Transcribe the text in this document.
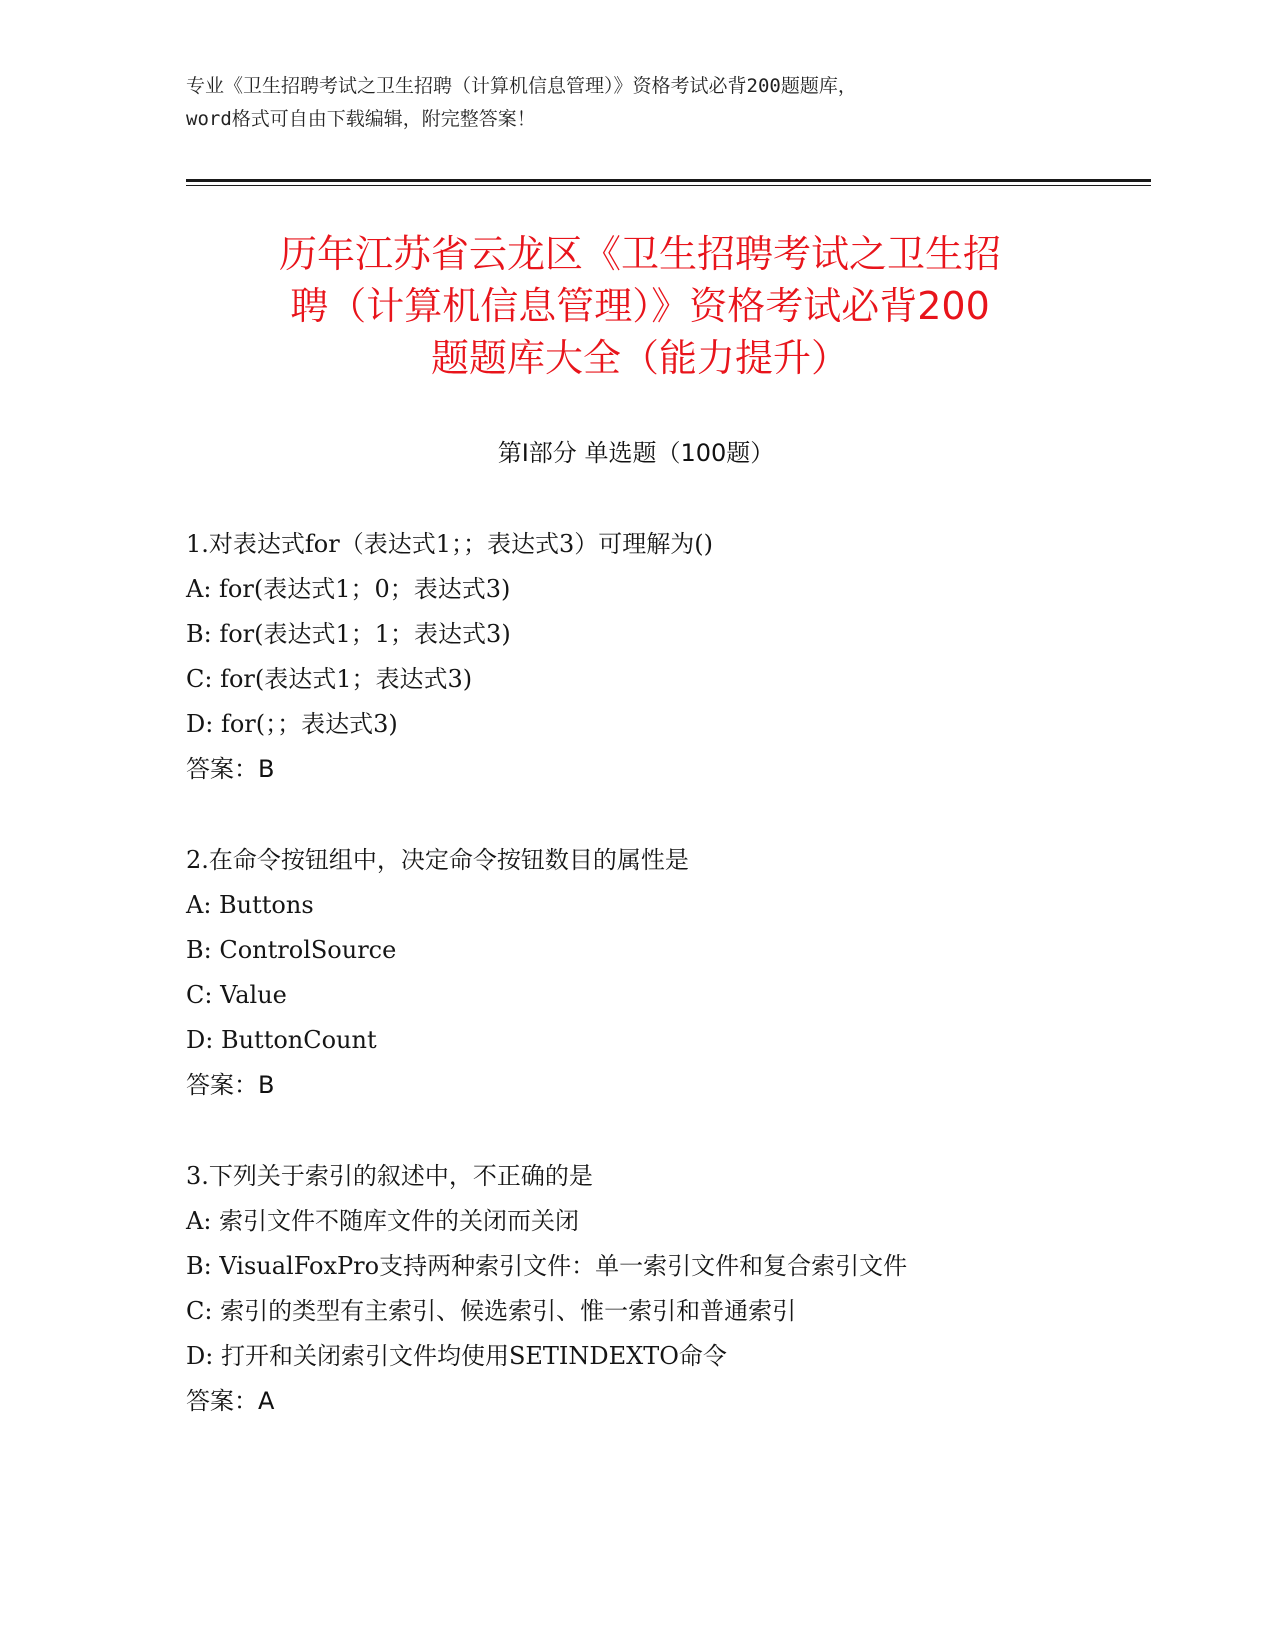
专业《卫生招聘考试之卫生招聘（计算机信息管理）》资格考试必背200题题库，
word格式可自由下载编辑，附完整答案！
历年江苏省云龙区《卫生招聘考试之卫生招
聘（计算机信息管理）》资格考试必背200
题题库大全（能力提升）
第Ⅰ部分 单选题（100题）
1.对表达式for（表达式1；；表达式3）可理解为()
A: for(表达式1；0；表达式3)
B: for(表达式1；1；表达式3)
C: for(表达式1；表达式3)
D: for(；；表达式3)
答案：B
2.在命令按钮组中，决定命令按钮数目的属性是
A: Buttons
B: ControlSource
C: Value
D: ButtonCount
答案：B
3.下列关于索引的叙述中，不正确的是
A: 索引文件不随库文件的关闭而关闭
B: VisualFoxPro支持两种索引文件：单一索引文件和复合索引文件
C: 索引的类型有主索引、候选索引、惟一索引和普通索引
D: 打开和关闭索引文件均使用SETINDEXTO命令
答案：A
